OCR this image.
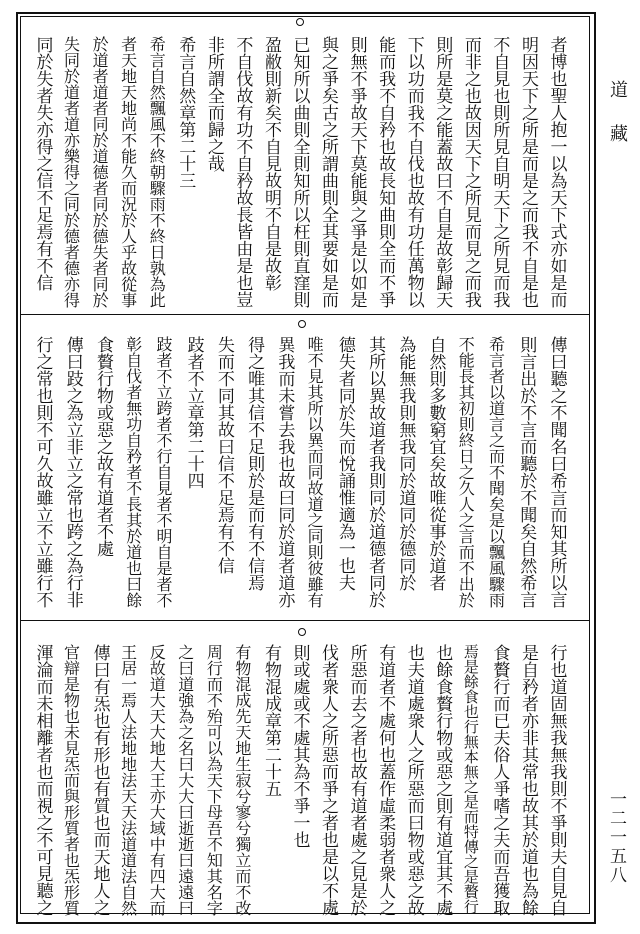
道　藏
一二一五八
者博也聖人抱一以為天下式亦如是而
明因天下之所是而是之而我不自是也
不自見也則所見自明天下之所見而我
而非之也故因天下之所見而見之而我
則所是莫之能蓋故曰不自是故彰歸天
下以功而我不自伐也故有功任萬物以
能而我不自矜也故長知曲則全而不爭
則無不爭故天下莫能與之爭是以如是
與之爭矣古之所謂曲則全其要如是而
已知所以曲則全則知所以枉則直窪則
盈敝則新矣不自見故明不自是故彰
不自伐故有功不自矜故長皆由是也豈
非所謂全而歸之哉
希言自然章第二十三
希言自然飄風不終朝驟雨不終日孰為此
者天地天地尚不能久而況於人乎故從事
於道者道者同於道德者同於德失者同於
失同於道者道亦樂得之同於德者德亦得
同於失者失亦得之信不足焉有不信
傳曰聽之不聞名曰希言而知其所以言
則言出於不言而聽於不聞矣自然希言
希言者以道言之而不聞矣是以飄風驟雨
不能長其初則終日之久人之言而不出於
自然則多數窮宜矣故唯從事於道者
為能無我則無我同於道同於德同於
其所以異故道者我則同於道德者同於
德失者同於失而悅誦惟適為一也夫
唯不見其所以異而同故道之同則彼雖有
異我而未嘗去我也故曰同於道者道亦
得之唯其信不足則於是而有不信焉
失而不同其故曰信不足焉有不信
跂者不立章第二十四
跂者不立跨者不行自見者不明自是者不
彰自伐者無功自矜者不長其於道也曰餘
食贅行物或惡之故有道者不處
傳曰跂之為立非立之常也跨之為行非
行之常也則不可久故雖立不立雖行不
行也道固無我無我則不爭則夫自見自
是自矜者亦非其常也故其於道也為餘
食贅行而已夫俗人爭嗜之夫而吾獲取
焉是餘食也行無本無之是而特傳之是贅行
也餘食贅行物或惡之則有道宜其不處
也夫道處衆人之所惡而曰物或惡之故
有道者不處何也蓋作虛柔弱者衆人之
所惡而去之者也故有道者處之見是於
伐者衆人之所惡而爭之者也是以不處
則或處或不處其為不爭一也
有物混成章第二十五
有物混成先天地生寂兮寥兮獨立而不改
周行而不殆可以為天下母吾不知其名字
之曰道強為之名曰大大曰逝逝曰遠遠曰
反故道大天大地大王亦大域中有四大而
王居一焉人法地地法天天法道道法自然
傳曰有炁也有形也有質也而天地人之
官辯是物也未見炁而與形質者也炁形質
渾淪而未相離者也而視之不可見聽之
